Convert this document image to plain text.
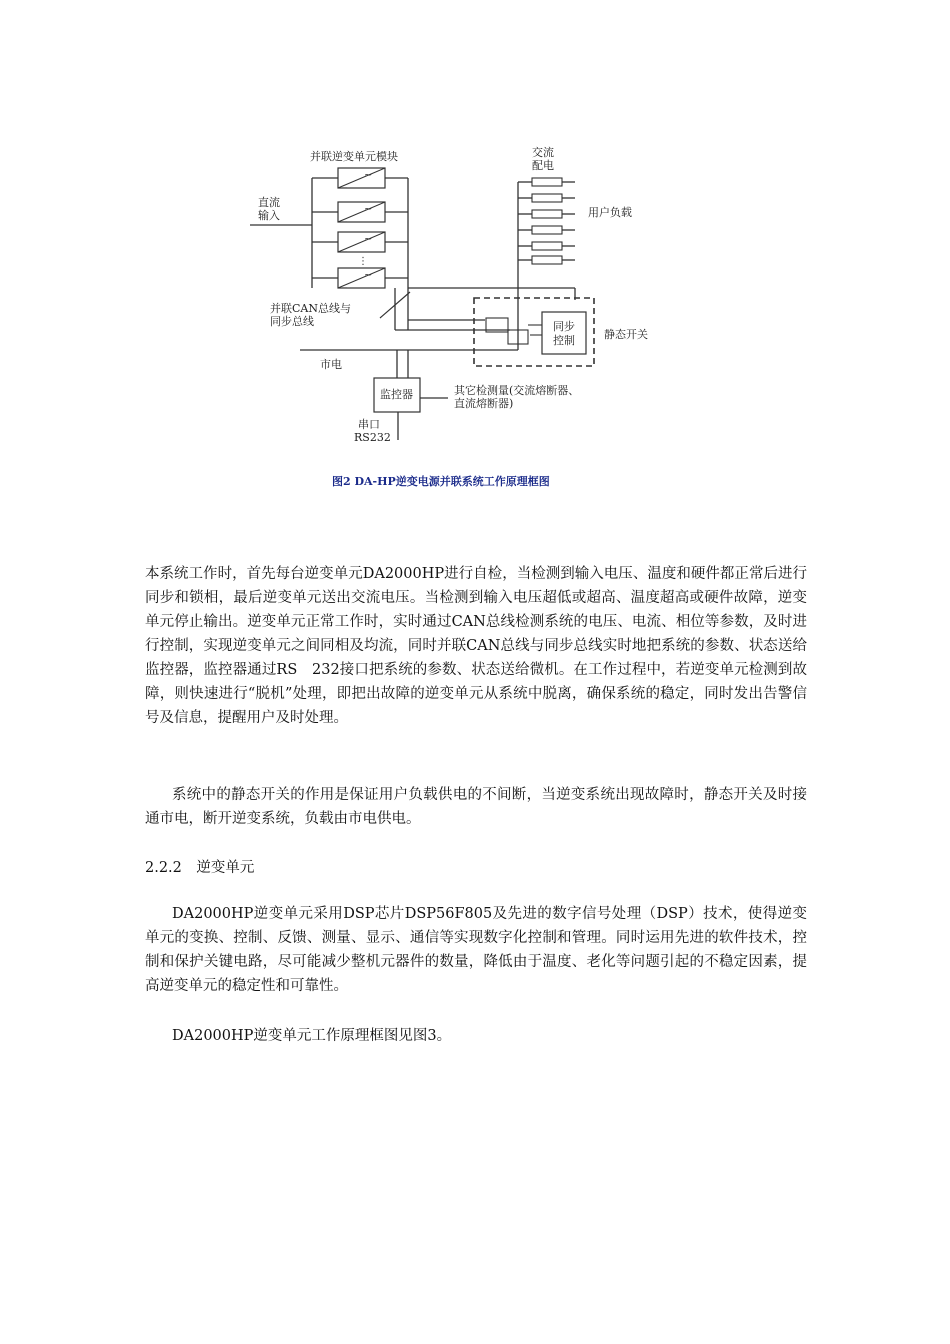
~
_
~
_
~
_
~
_
⋮
并联逆变单元模块
直流
输入
交流
配电
用户负载
并联CAN总线与
同步总线
市电
同步
控制	静态开关
监控器	其它检测量(交流熔断器、
直流熔断器)
串口
RS232
图2 DA-HP逆变电源并联系统工作原理框图

本系统工作时，首先每台逆变单元DA2000HP进行自检，当检测到输入电压、温度和硬件都正常后进行同步和锁相，最后逆变单元送出交流电压。当检测到输入电压超低或超高、温度超高或硬件故障，逆变单元停止输出。逆变单元正常工作时，实时通过CAN总线检测系统的电压、电流、相位等参数，及时进行控制，实现逆变单元之间同相及均流，同时并联CAN总线与同步总线实时地把系统的参数、状态送给监控器，监控器通过RS　232接口把系统的参数、状态送给微机。在工作过程中，若逆变单元检测到故障，则快速进行“脱机”处理，即把出故障的逆变单元从系统中脱离，确保系统的稳定，同时发出告警信号及信息，提醒用户及时处理。

系统中的静态开关的作用是保证用户负载供电的不间断，当逆变系统出现故障时，静态开关及时接通市电，断开逆变系统，负载由市电供电。

2.2.2　逆变单元

DA2000HP逆变单元采用DSP芯片DSP56F805及先进的数字信号处理（DSP）技术，使得逆变单元的变换、控制、反馈、测量、显示、通信等实现数字化控制和管理。同时运用先进的软件技术，控制和保护关键电路，尽可能减少整机元器件的数量，降低由于温度、老化等问题引起的不稳定因素，提高逆变单元的稳定性和可靠性。

DA2000HP逆变单元工作原理框图见图3。
